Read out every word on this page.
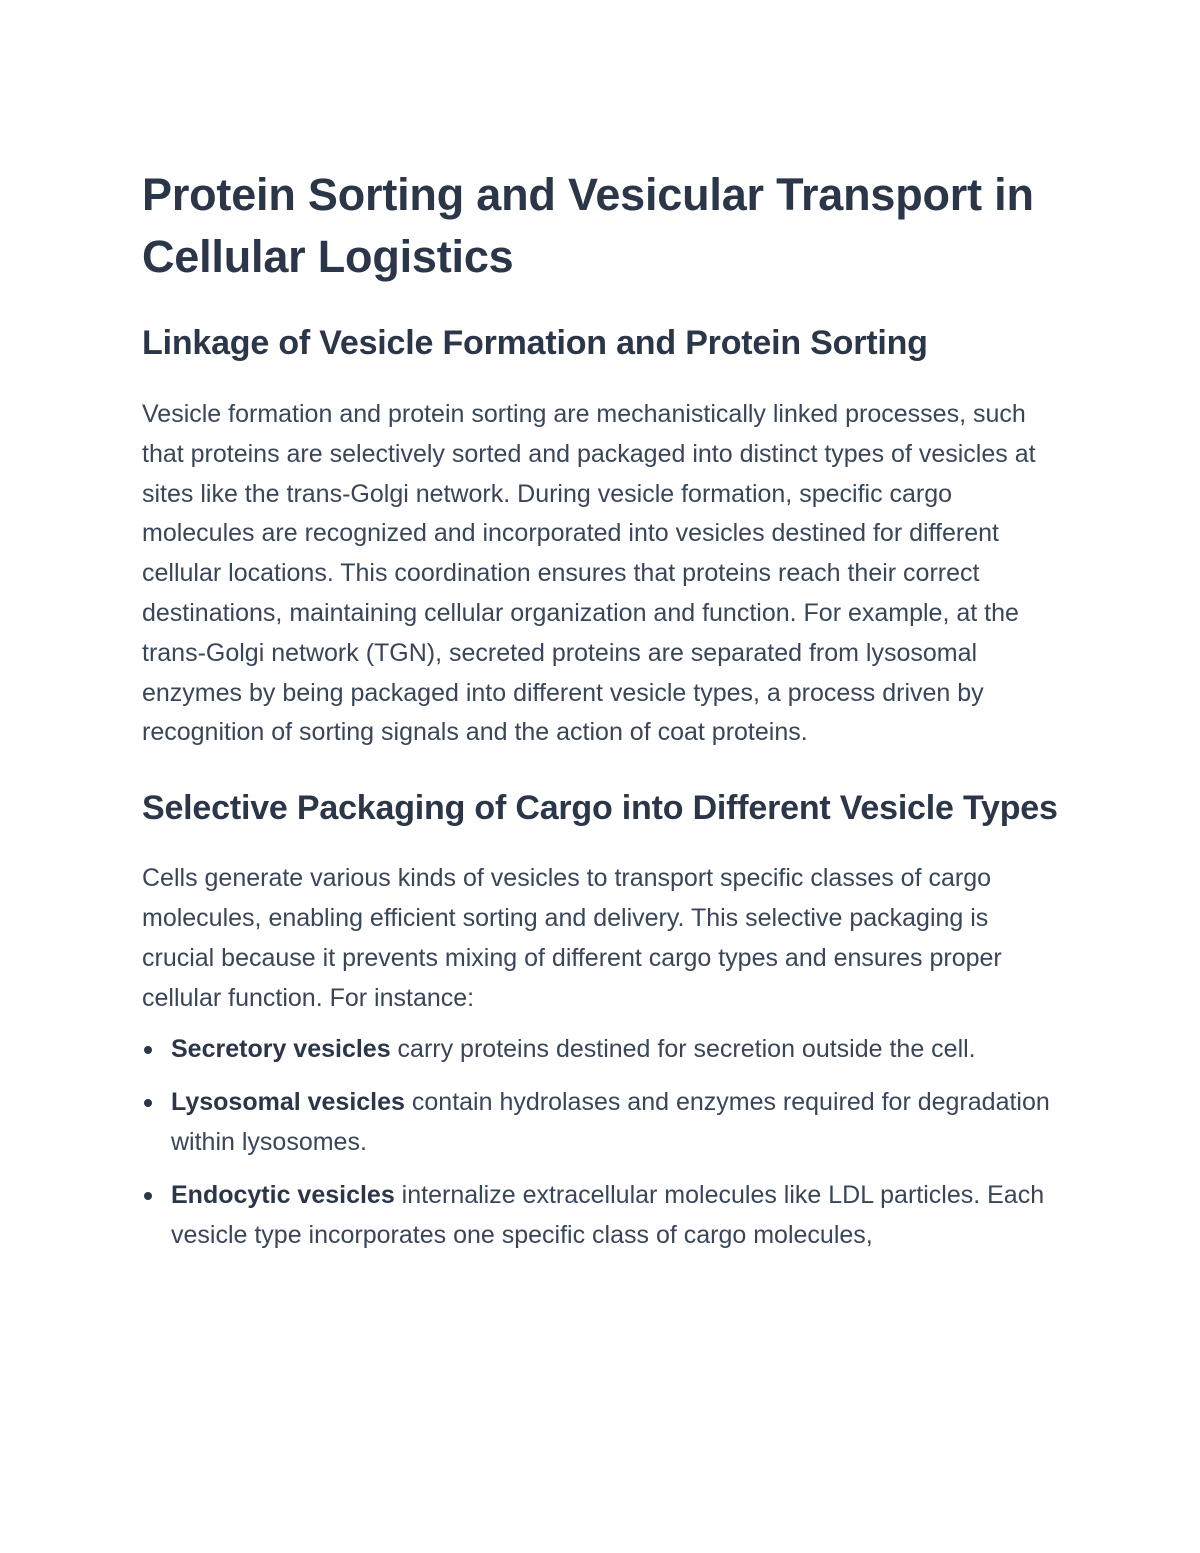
Protein Sorting and Vesicular Transport in Cellular Logistics
Linkage of Vesicle Formation and Protein Sorting

Vesicle formation and protein sorting are mechanistically linked processes, such that proteins are selectively sorted and packaged into distinct types of vesicles at sites like the trans-Golgi network. During vesicle formation, specific cargo molecules are recognized and incorporated into vesicles destined for different cellular locations. This coordination ensures that proteins reach their correct destinations, maintaining cellular organization and function. For example, at the trans-Golgi network (TGN), secreted proteins are separated from lysosomal enzymes by being packaged into different vesicle types, a process driven by recognition of sorting signals and the action of coat proteins.

Selective Packaging of Cargo into Different Vesicle Types

Cells generate various kinds of vesicles to transport specific classes of cargo molecules, enabling efficient sorting and delivery. This selective packaging is crucial because it prevents mixing of different cargo types and ensures proper cellular function. For instance:

Secretory vesicles carry proteins destined for secretion outside the cell.
Lysosomal vesicles contain hydrolases and enzymes required for degradation within lysosomes.
Endocytic vesicles internalize extracellular molecules like LDL particles. Each vesicle type incorporates one specific class of cargo molecules,
